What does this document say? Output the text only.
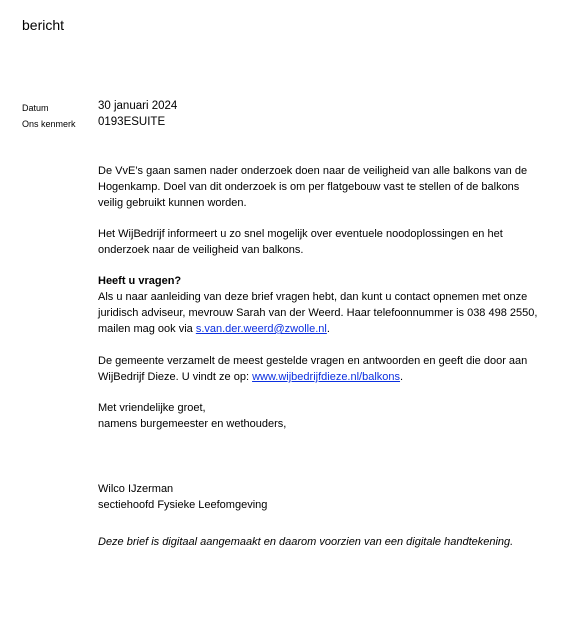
bericht
Datum	30 januari 2024
Ons kenmerk 0193ESUITE

De VvE’s gaan samen nader onderzoek doen naar de veiligheid van alle balkons van de Hogenkamp. Doel van dit onderzoek is om per flatgebouw vast te stellen of de balkons veilig gebruikt kunnen worden.

Het WijBedrijf informeert u zo snel mogelijk over eventuele noodoplossingen en het onderzoek naar de veiligheid van balkons.

Heeft u vragen?

Als u naar aanleiding van deze brief vragen hebt, dan kunt u contact opnemen met onze juridisch adviseur, mevrouw Sarah van der Weerd. Haar telefoonnummer is 038 498 2550, mailen mag ook via s.van.der.weerd@zwolle.nl.

De gemeente verzamelt de meest gestelde vragen en antwoorden en geeft die door aan WijBedrijf Dieze. U vindt ze op: www.wijbedrijfdieze.nl/balkons.

Met vriendelijke groet,

namens burgemeester en wethouders,

Wilco IJzerman

sectiehoofd Fysieke Leefomgeving

Deze brief is digitaal aangemaakt en daarom voorzien van een digitale handtekening.
